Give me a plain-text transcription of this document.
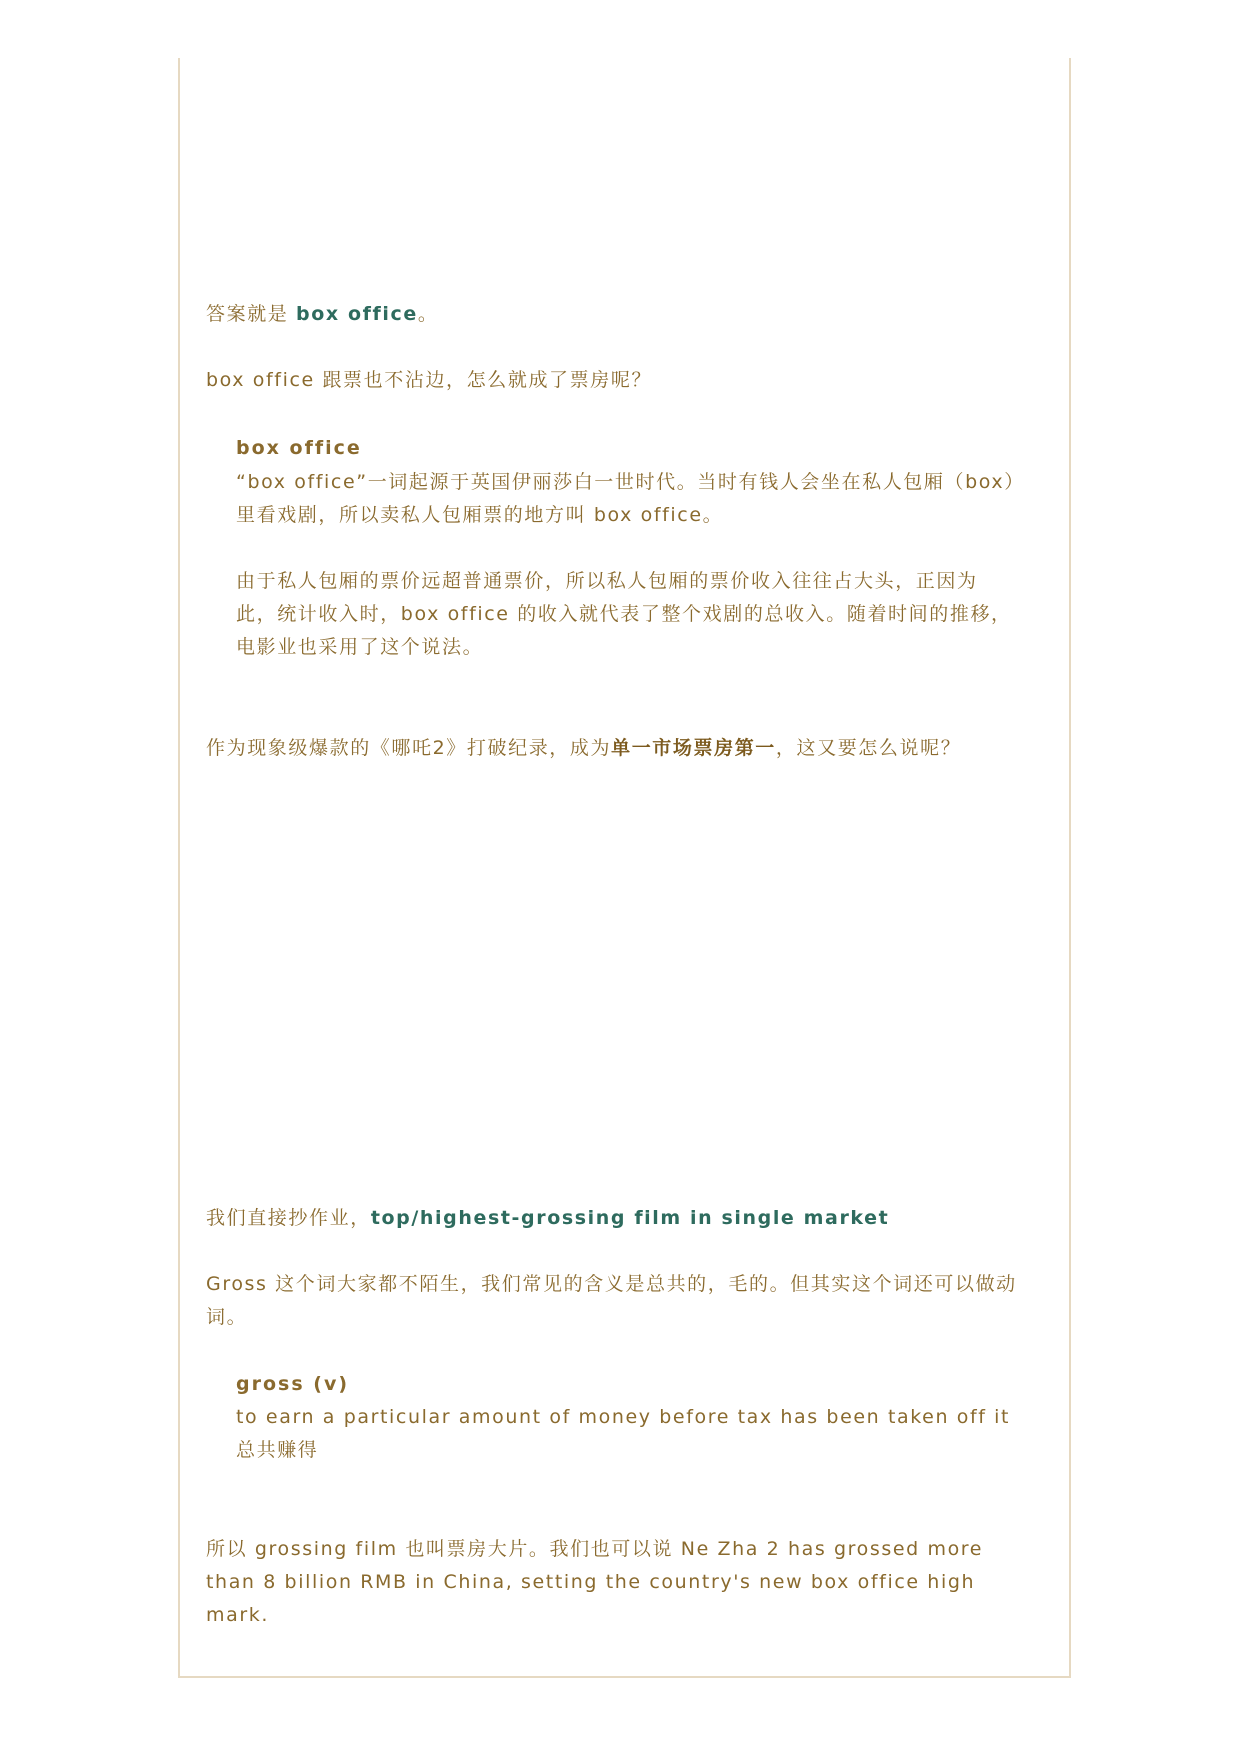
答案就是 box office。
box office 跟票也不沾边，怎么就成了票房呢？
box office
“box office”一词起源于英国伊丽莎白一世时代。当时有钱人会坐在私人包厢（box）里看戏剧，所以卖私人包厢票的地方叫 box office。
由于私人包厢的票价远超普通票价，所以私人包厢的票价收入往往占大头，正因为此，统计收入时，box office 的收入就代表了整个戏剧的总收入。随着时间的推移，电影业也采用了这个说法。
作为现象级爆款的《哪吒2》打破纪录，成为单一市场票房第一，这又要怎么说呢？
我们直接抄作业，top/highest-grossing film in single market
Gross 这个词大家都不陌生，我们常见的含义是总共的，毛的。但其实这个词还可以做动词。
gross (v)
to earn a particular amount of money before tax has been taken off it
总共赚得
所以 grossing film 也叫票房大片。我们也可以说 Ne Zha 2 has grossed more than 8 billion RMB in China, setting the country's new box office high mark.
